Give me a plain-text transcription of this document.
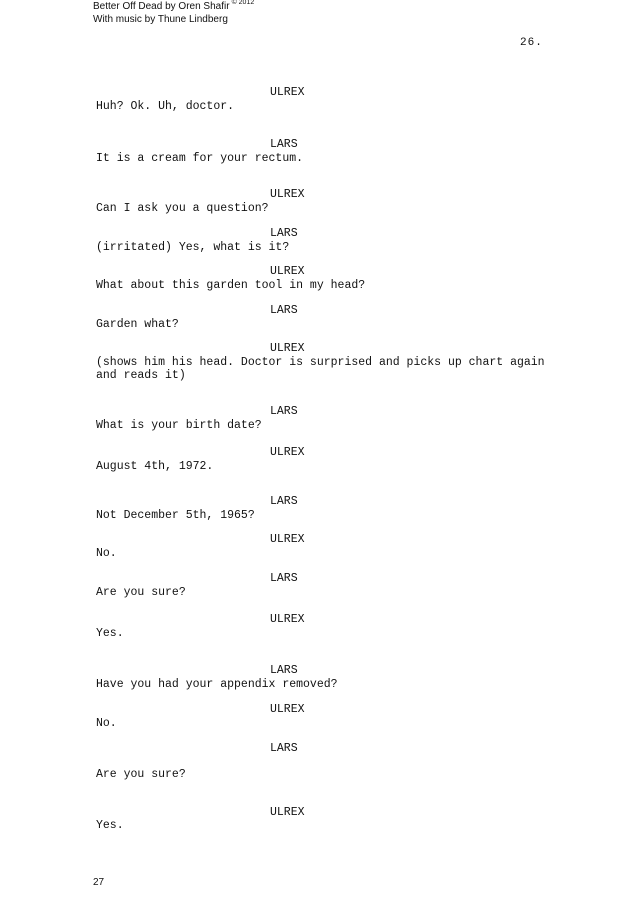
Better Off Dead by Oren Shafir $^{© 2012}$
With music by Thune Lindberg
26.
ULREX
Huh? Ok. Uh, doctor.
LARS
It is a cream for your rectum.
ULREX
Can I ask you a question?
LARS
(irritated) Yes, what is it?
ULREX
What about this garden tool in my head?
LARS
Garden what?
ULREX
(shows him his head. Doctor is surprised and picks up chart again and reads it)
LARS
What is your birth date?
ULREX
August 4th, 1972.
LARS
Not December 5th, 1965?
ULREX
No.
LARS
Are you sure?
ULREX
Yes.
LARS
Have you had your appendix removed?
ULREX
No.
LARS
Are you sure?
ULREX
Yes.
27
